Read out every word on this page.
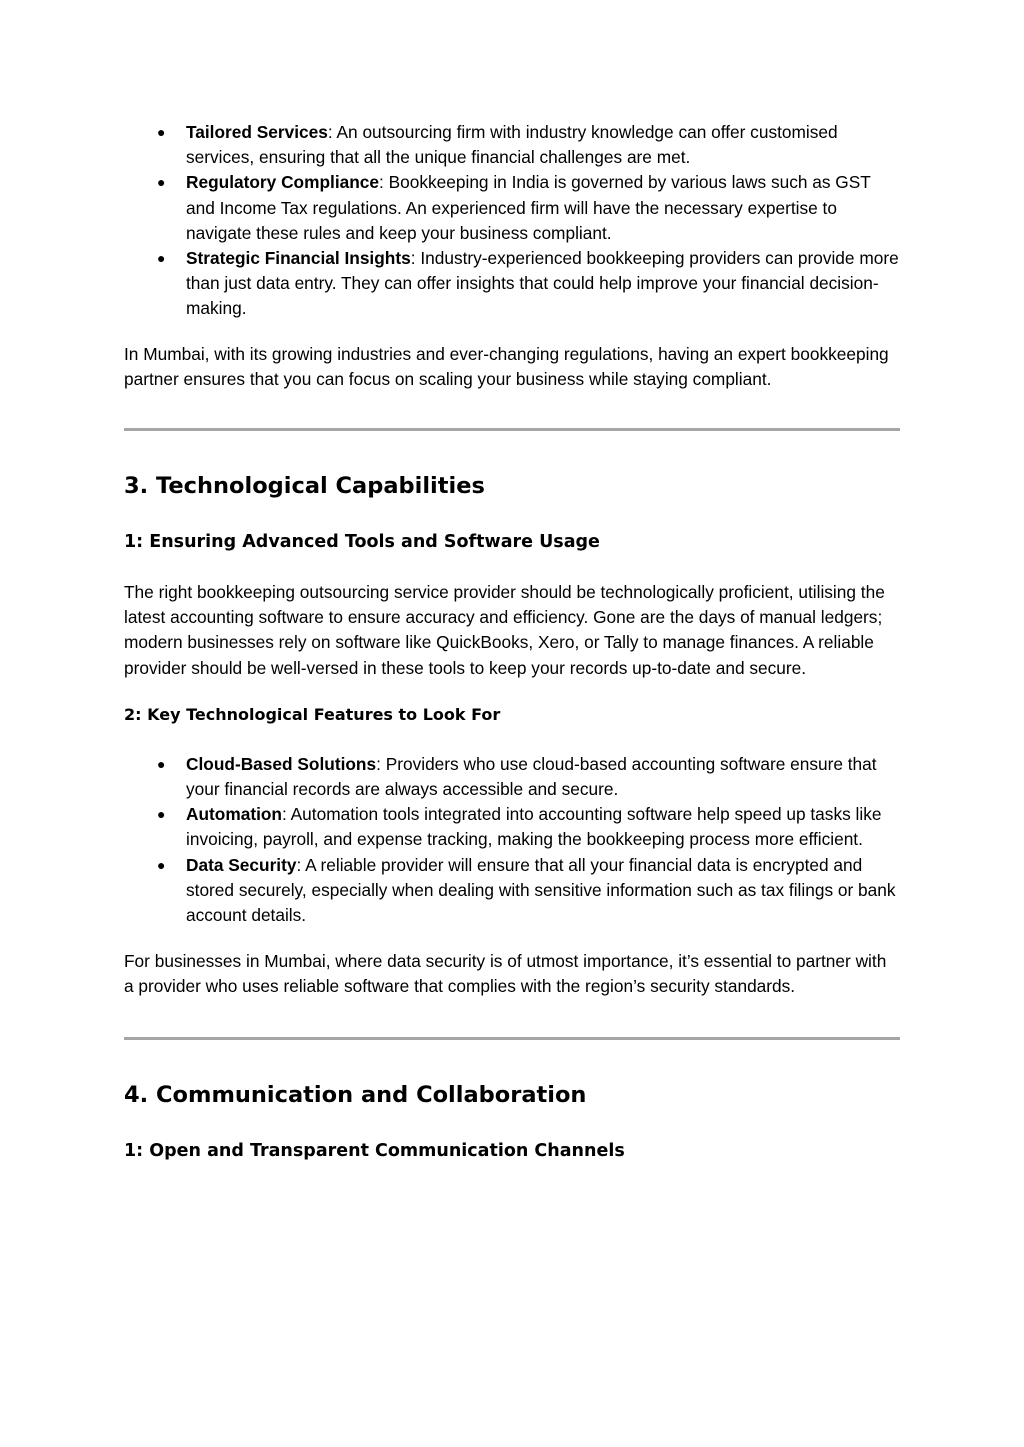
● Tailored Services: An outsourcing firm with industry knowledge can offer customised services, ensuring that all the unique financial challenges are met.
● Regulatory Compliance: Bookkeeping in India is governed by various laws such as GST and Income Tax regulations. An experienced firm will have the necessary expertise to navigate these rules and keep your business compliant.
● Strategic Financial Insights: Industry-experienced bookkeeping providers can provide more than just data entry. They can offer insights that could help improve your financial decision-making.

In Mumbai, with its growing industries and ever-changing regulations, having an expert bookkeeping partner ensures that you can focus on scaling your business while staying compliant.

3. Technological Capabilities
1: Ensuring Advanced Tools and Software Usage

The right bookkeeping outsourcing service provider should be technologically proficient, utilising the latest accounting software to ensure accuracy and efficiency. Gone are the days of manual ledgers; modern businesses rely on software like QuickBooks, Xero, or Tally to manage finances. A reliable provider should be well-versed in these tools to keep your records up-to-date and secure.

2: Key Technological Features to Look For
● Cloud-Based Solutions: Providers who use cloud-based accounting software ensure that your financial records are always accessible and secure.
● Automation: Automation tools integrated into accounting software help speed up tasks like invoicing, payroll, and expense tracking, making the bookkeeping process more efficient.
● Data Security: A reliable provider will ensure that all your financial data is encrypted and stored securely, especially when dealing with sensitive information such as tax filings or bank account details.

For businesses in Mumbai, where data security is of utmost importance, it’s essential to partner with a provider who uses reliable software that complies with the region’s security standards.

4. Communication and Collaboration
1: Open and Transparent Communication Channels
